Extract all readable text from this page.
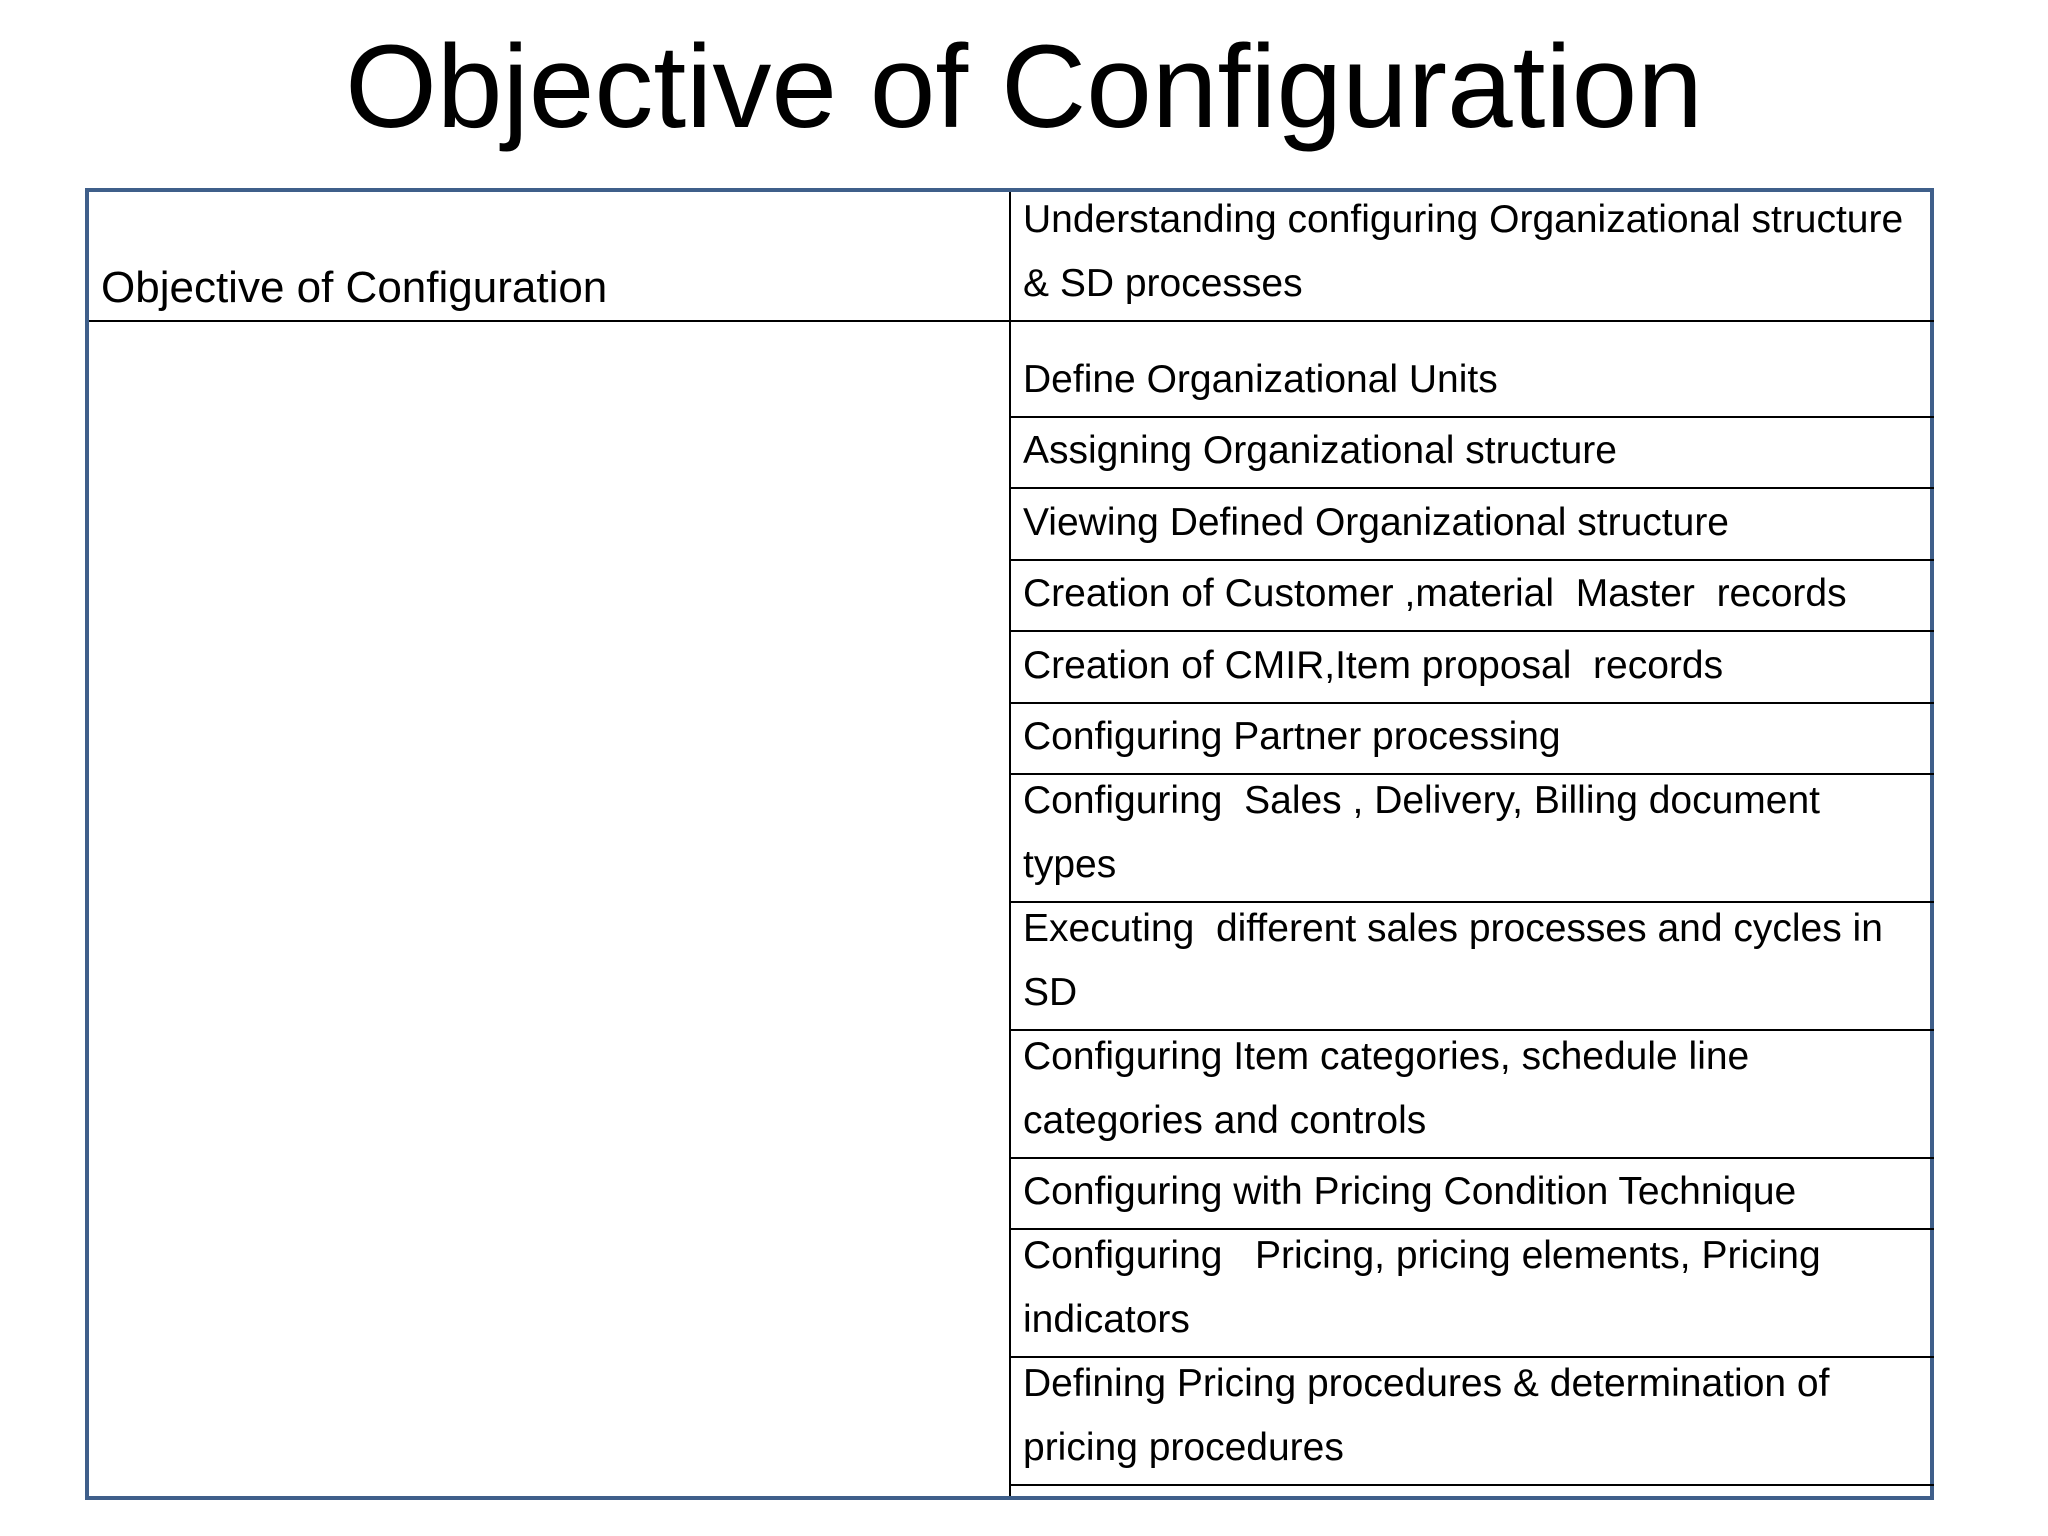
Objective of Configuration
Objective of Configuration
Understanding configuring Organizational structure & SD processes
Define Organizational Units
Assigning Organizational structure
Viewing Defined Organizational structure
Creation of Customer ,material  Master  records
Creation of CMIR,Item proposal  records
Configuring Partner processing
Configuring  Sales , Delivery, Billing document types
Executing  different sales processes and cycles in SD
Configuring Item categories, schedule line categories and controls
Configuring with Pricing Condition Technique
Configuring   Pricing, pricing elements, Pricing indicators
Defining Pricing procedures & determination of pricing procedures
